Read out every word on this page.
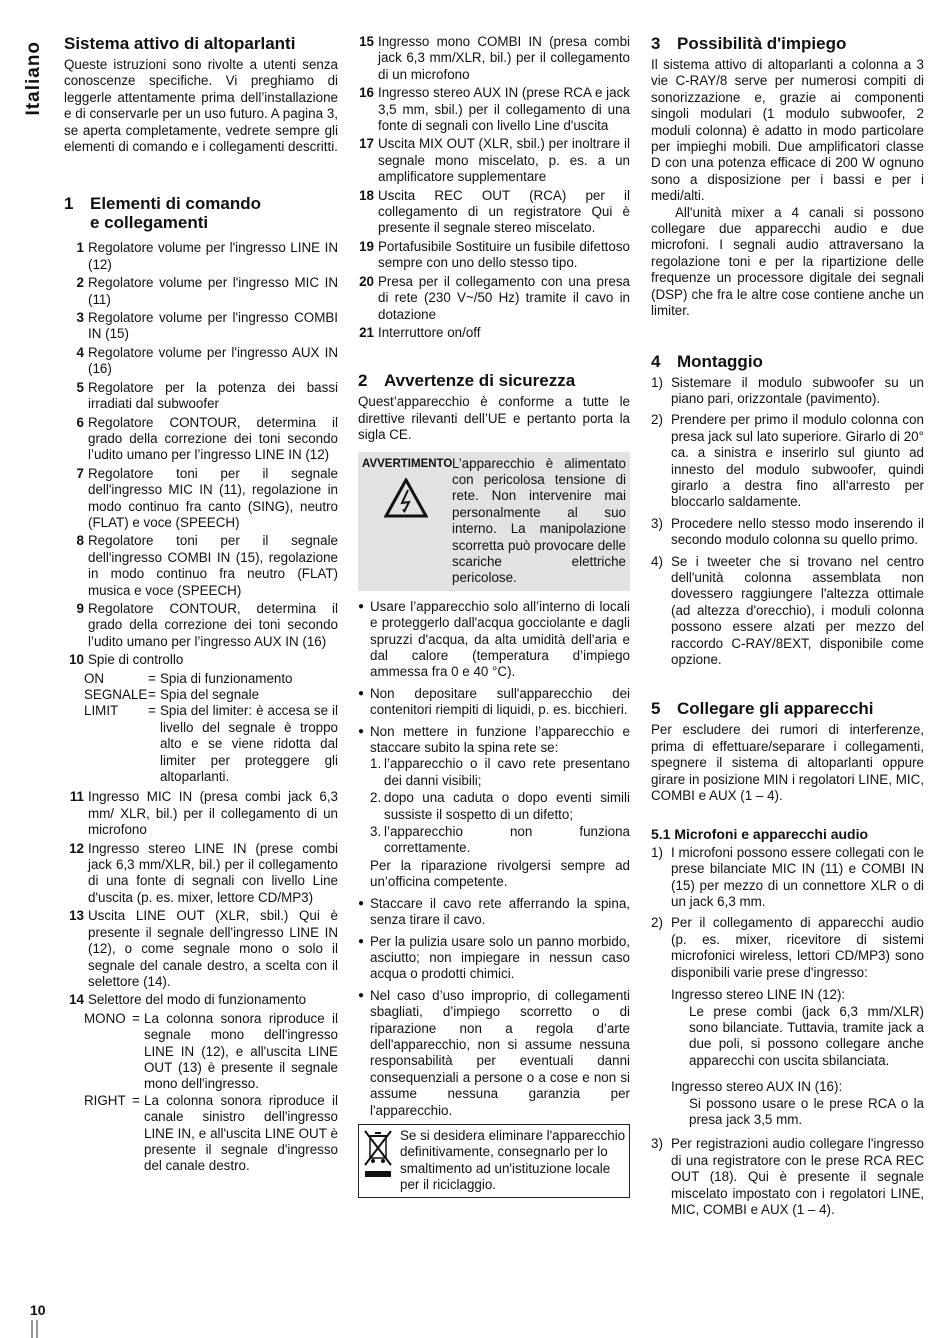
Italiano Sistema attivo di altoparlanti

Queste istruzioni sono rivolte a utenti senza conoscenze specifiche. Vi preghiamo di leggerle attentamente prima dell’installazione e di conservarle per un uso futuro. A pagina 3, se aperta completamente, vedrete sempre gli elementi di comando e i collegamenti descritti.

1 Elementi di comando e collegamenti
1 Regolatore volume per l'ingresso LINE IN (12)
2 Regolatore volume per l'ingresso MIC IN (11)
3 Regolatore volume per l'ingresso COMBI IN (15)
4 Regolatore volume per l'ingresso AUX IN (16)
5 Regolatore per la potenza dei bassi irradiati dal subwoofer
6 Regolatore CONTOUR, determina il grado della correzione dei toni secondo l’udito umano per l’ingresso LINE IN (12)
7 Regolatore toni per il segnale dell'ingresso MIC IN (11), regolazione in modo continuo fra canto (SING), neutro (FLAT) e voce (SPEECH)
8 Regolatore toni per il segnale dell'ingresso COMBI IN (15), regolazione in modo continuo fra neutro (FLAT) musica e voce (SPEECH)
9 Regolatore CONTOUR, determina il grado della correzione dei toni secondo l’udito umano per l’ingresso AUX IN (16)
10 Spie di controllo
ON	= Spia di funzionamento
SEGNALE = Spia del segnale
LIMIT	= Spia del limiter: è accesa se il livello del segnale è troppo alto e se viene ridotta dal limiter per proteggere gli altoparlanti.
11 Ingresso MIC IN (presa combi jack 6,3 mm/ XLR, bil.) per il collegamento di un microfono
12 Ingresso stereo LINE IN (prese combi jack 6,3 mm/XLR, bil.) per il collegamento di una fonte di segnali con livello Line d'uscita (p. es. mixer, lettore CD/MP3)
13 Uscita LINE OUT (XLR, sbil.) Qui è presente il segnale dell'ingresso LINE IN (12), o come segnale mono o solo il segnale del canale destro, a scelta con il selettore (14).
14 Selettore del modo di funzionamento
MONO = La colonna sonora riproduce il segnale mono dell'ingresso LINE IN (12), e all'uscita LINE OUT (13) è presente il segnale mono dell'ingresso.
RIGHT = La colonna sonora riproduce il canale sinistro dell'ingresso LINE IN, e all'uscita LINE OUT è presente il segnale d'ingresso del canale destro.
15 Ingresso mono COMBI IN (presa combi jack 6,3 mm/XLR, bil.) per il collegamento di un microfono
16 Ingresso stereo AUX IN (prese RCA e jack 3,5 mm, sbil.) per il collegamento di una fonte di segnali con livello Line d'uscita
17 Uscita MIX OUT (XLR, sbil.) per inoltrare il segnale mono miscelato, p. es. a un amplificatore supplementare
18 Uscita REC OUT (RCA) per il collegamento di un registratore Qui è presente il segnale stereo miscelato.
19 Portafusibile Sostituire un fusibile difettoso sempre con uno dello stesso tipo.
20 Presa per il collegamento con una presa di rete (230 V~/50 Hz) tramite il cavo in dotazione
21 Interruttore on/off
2 Avvertenze di sicurezza

Quest’apparecchio è conforme a tutte le direttive rilevanti dell’UE e pertanto porta la sigla CE.

AVVERTIMENTO L’apparecchio è alimentato con pericolosa tensione di rete. Non intervenire mai personalmente al suo interno. La manipolazione scorretta può provocare delle scariche elettriche pericolose.
● Usare l’apparecchio solo all’interno di locali e proteggerlo dall'acqua gocciolante e dagli spruzzi d'acqua, da alta umidità dell'aria e dal calore (temperatura d’impiego ammessa fra 0 e 40 °C).
● Non depositare sull'apparecchio dei contenitori riempiti di liquidi, p. es. bicchieri.
● Non mettere in funzione l’apparecchio e staccare subito la spina rete se:
1. l’apparecchio o il cavo rete presentano dei danni visibili;
2. dopo una caduta o dopo eventi simili sussiste il sospetto di un difetto;
3. l’apparecchio non funziona correttamente.

Per la riparazione rivolgersi sempre ad un’officina competente.

● Staccare il cavo rete afferrando la spina, senza tirare il cavo.
● Per la pulizia usare solo un panno morbido, asciutto; non impiegare in nessun caso acqua o prodotti chimici.
● Nel caso d’uso improprio, di collegamenti sbagliati, d’impiego scorretto o di riparazione non a regola d’arte dell'apparecchio, non si assume nessuna responsabilità per eventuali danni consequenziali a persone o a cose e non si assume nessuna garanzia per l'apparecchio.
Se si desidera eliminare l'apparecchio definitivamente, consegnarlo per lo smaltimento ad un'istituzione locale per il riciclaggio.
3 Possibilità d'impiego

Il sistema attivo di altoparlanti a colonna a 3 vie C-RAY/8 serve per numerosi compiti di sonorizzazione e, grazie ai componenti singoli modulari (1 modulo subwoofer, 2 moduli colonna) è adatto in modo particolare per impieghi mobili. Due amplificatori classe D con una potenza efficace di 200 W ognuno sono a disposizione per i bassi e per i medi/alti.

All'unità mixer a 4 canali si possono collegare due apparecchi audio e due microfoni. I segnali audio attraversano la regolazione toni e per la ripartizione delle frequenze un processore digitale dei segnali (DSP) che fra le altre cose contiene anche un limiter.

4 Montaggio
1) Sistemare il modulo subwoofer su un piano pari, orizzontale (pavimento).
2) Prendere per primo il modulo colonna con presa jack sul lato superiore. Girarlo di 20° ca. a sinistra e inserirlo sul giunto ad innesto del modulo subwoofer, quindi girarlo a destra fino all'arresto per bloccarlo saldamente.
3) Procedere nello stesso modo inserendo il secondo modulo colonna su quello primo.
4) Se i tweeter che si trovano nel centro dell'unità colonna assemblata non dovessero raggiungere l'altezza ottimale (ad altezza d'orecchio), i moduli colonna possono essere alzati per mezzo del raccordo C-RAY/8EXT, disponibile come opzione.
5 Collegare gli apparecchi

Per escludere dei rumori di interferenze, prima di effettuare/separare i collegamenti, spegnere il sistema di altoparlanti oppure girare in posizione MIN i regolatori LINE, MIC, COMBI e AUX (1 – 4).

5.1 Microfoni e apparecchi audio
1) I microfoni possono essere collegati con le prese bilanciate MIC IN (11) e COMBI IN (15) per mezzo di un connettore XLR o di un jack 6,3 mm.
2) Per il collegamento di apparecchi audio (p. es. mixer, ricevitore di sistemi microfonici wireless, lettori CD/MP3) sono disponibili varie prese d'ingresso:
Ingresso stereo LINE IN (12):

Le prese combi (jack 6,3 mm/XLR) sono bilanciate. Tuttavia, tramite jack a due poli, si possono collegare anche apparecchi con uscita sbilanciata.

Ingresso stereo AUX IN (16):

Si possono usare o le prese RCA o la presa jack 3,5 mm.

3) Per registrazioni audio collegare l'ingresso di una registratore con le prese RCA REC OUT (18). Qui è presente il segnale miscelato impostato con i regolatori LINE, MIC, COMBI e AUX (1 – 4).
10
